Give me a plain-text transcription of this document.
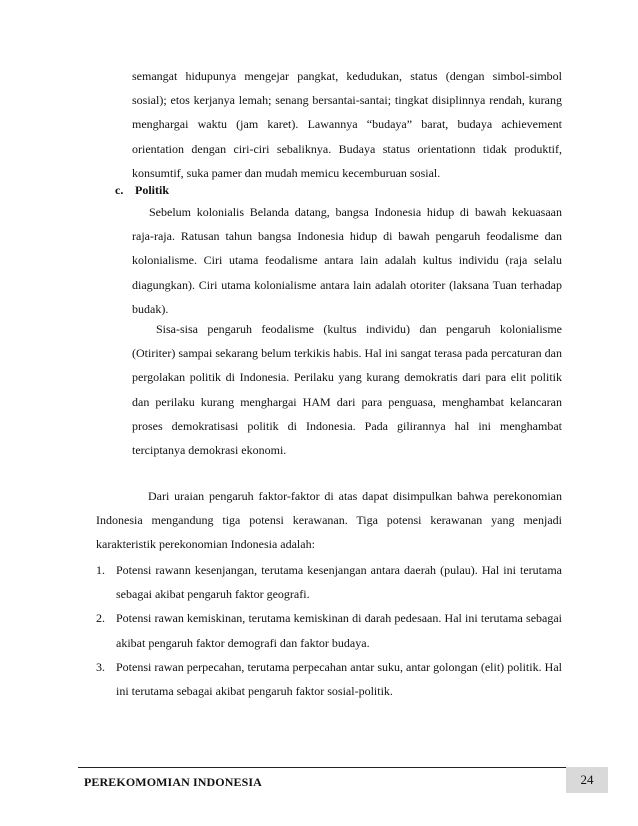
semangat hidupunya mengejar pangkat, kedudukan, status (dengan simbol-simbol sosial); etos kerjanya lemah; senang bersantai-santai; tingkat disiplinnya rendah, kurang menghargai waktu (jam karet). Lawannya “budaya” barat, budaya achievement orientation dengan ciri-ciri sebaliknya. Budaya status orientationn tidak produktif, konsumtif, suka pamer dan mudah memicu kecemburuan sosial.

c. Politik

Sebelum kolonialis Belanda datang, bangsa Indonesia hidup di bawah kekuasaan raja-raja. Ratusan tahun bangsa Indonesia hidup di bawah pengaruh feodalisme dan kolonialisme. Ciri utama feodalisme antara lain adalah kultus individu (raja selalu diagungkan). Ciri utama kolonialisme antara lain adalah otoriter (laksana Tuan terhadap budak).

Sisa-sisa pengaruh feodalisme (kultus individu) dan pengaruh kolonialisme (Otiriter) sampai sekarang belum terkikis habis. Hal ini sangat terasa pada percaturan dan pergolakan politik di Indonesia. Perilaku yang kurang demokratis dari para elit politik dan perilaku kurang menghargai HAM dari para penguasa, menghambat kelancaran proses demokratisasi politik di Indonesia. Pada gilirannya hal ini menghambat terciptanya demokrasi ekonomi.

Dari uraian pengaruh faktor-faktor di atas dapat disimpulkan bahwa perekonomian Indonesia mengandung tiga potensi kerawanan. Tiga potensi kerawanan yang menjadi karakteristik perekonomian Indonesia adalah:

1. Potensi rawann kesenjangan, terutama kesenjangan antara daerah (pulau). Hal ini terutama sebagai akibat pengaruh faktor geografi.
2. Potensi rawan kemiskinan, terutama kemiskinan di darah pedesaan. Hal ini terutama sebagai akibat pengaruh faktor demografi dan faktor budaya.
3. Potensi rawan perpecahan, terutama perpecahan antar suku, antar golongan (elit) politik. Hal ini terutama sebagai akibat pengaruh faktor sosial-politik.
PEREKOMOMIAN INDONESIA	24
